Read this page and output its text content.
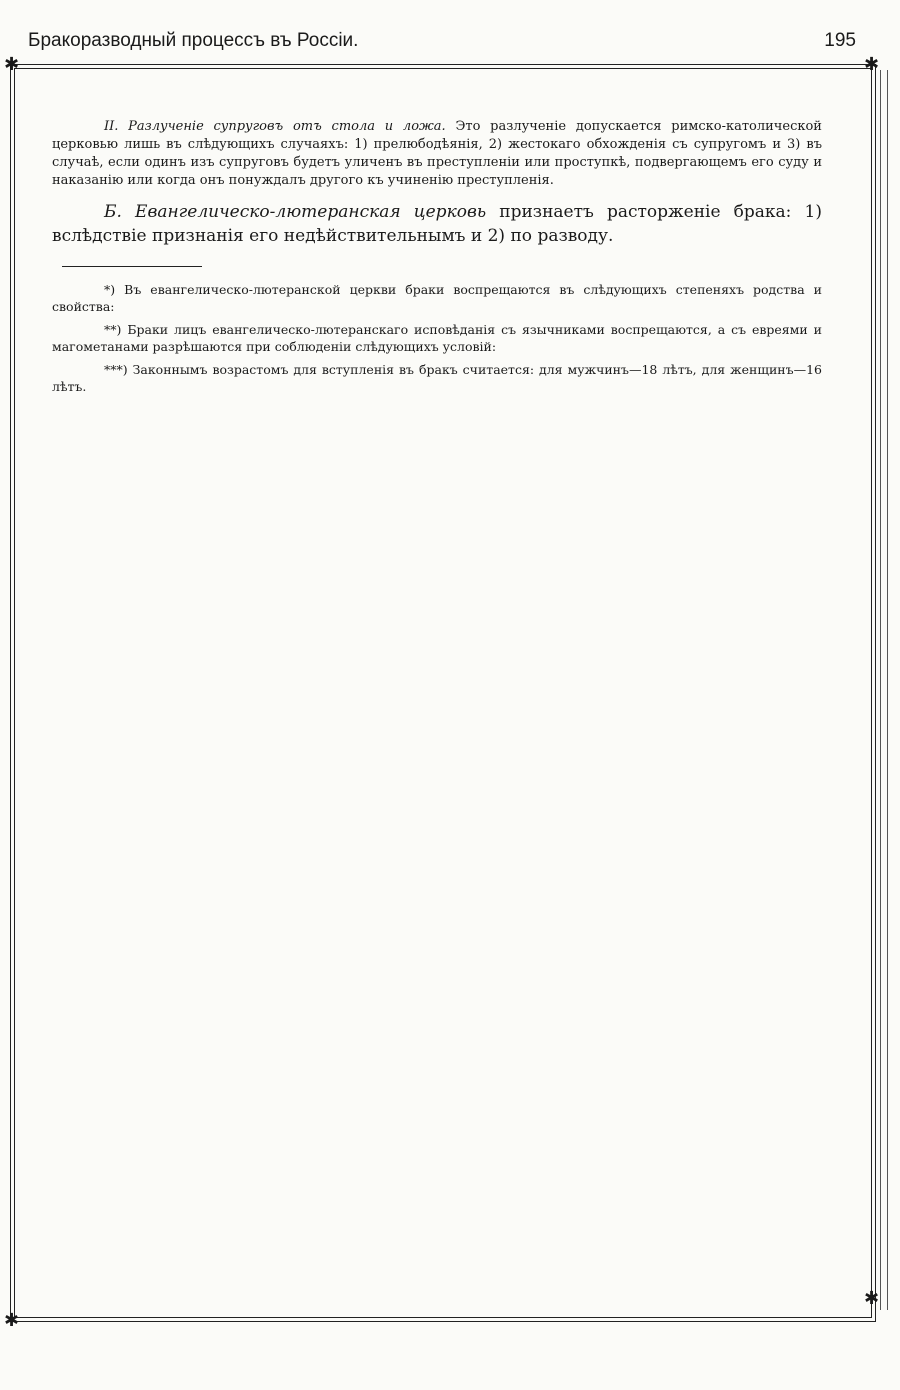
Бракоразводный процессъ въ Россіи.	195
✱	✱
✱
✱

II. Разлученіе супруговъ отъ стола и ложа. Это разлученіе допускается римско-католической церковью лишь въ слѣдующихъ случаяхъ: 1) прелюбодѣянія, 2) жестокаго обхожденія съ супругомъ и 3) въ случаѣ, если одинъ изъ супруговъ будетъ уличенъ въ преступленіи или проступкѣ, подвергающемъ его суду и наказанію или когда онъ понуждалъ другого къ учиненію преступленія.

Б. Евангелическо-лютеранская церковь признаетъ расторженіе брака: 1) вслѣдствіе признанія его недѣйствительнымъ и 2) по разводу.

*) Въ евангелическо-лютеранской церкви браки воспрещаются въ слѣдующихъ степеняхъ родства и свойства:

**) Браки лицъ евангелическо-лютеранскаго исповѣданія съ язычниками воспрещаются, а съ евреями и магометанами разрѣшаются при соблюденіи слѣдующихъ условій:

***) Законнымъ возрастомъ для вступленія въ бракъ считается: для мужчинъ—18 лѣтъ, для женщинъ—16 лѣтъ.
